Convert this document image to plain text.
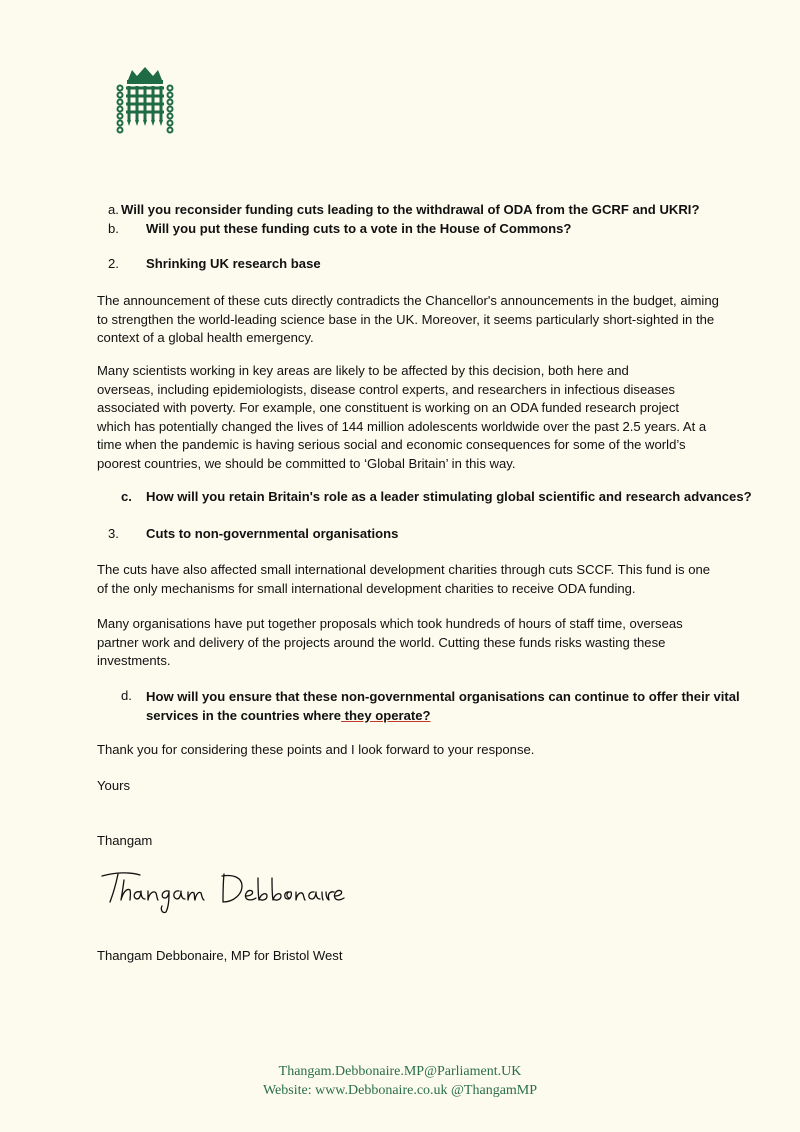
a. Will you reconsider funding cuts leading to the withdrawal of ODA from the GCRF and UKRI?
b. Will you put these funding cuts to a vote in the House of Commons?
2. Shrinking UK research base

The announcement of these cuts directly contradicts the Chancellor's announcements in the budget, aiming

to strengthen the world-leading science base in the UK. Moreover, it seems particularly short-sighted in the

context of a global health emergency.

Many scientists working in key areas are likely to be affected by this decision, both here and

overseas, including epidemiologists, disease control experts, and researchers in infectious diseases

associated with poverty. For example, one constituent is working on an ODA funded research project

which has potentially changed the lives of 144 million adolescents worldwide over the past 2.5 years. At a

time when the pandemic is having serious social and economic consequences for some of the world’s

poorest countries, we should be committed to ‘Global Britain’ in this way.

c. How will you retain Britain's role as a leader stimulating global scientific and research advances?
3. Cuts to non-governmental organisations

The cuts have also affected small international development charities through cuts SCCF. This fund is one

of the only mechanisms for small international development charities to receive ODA funding.

Many organisations have put together proposals which took hundreds of hours of staff time, overseas

partner work and delivery of the projects around the world. Cutting these funds risks wasting these

investments.

d. How will you ensure that these non-governmental organisations can continue to offer their vital
services in the countries where they operate?
Thank you for considering these points and I look forward to your response.
Yours
Thangam
Thangam Debbonaire, MP for Bristol West
Thangam.Debbonaire.MP@Parliament.UK
Website: www.Debbonaire.co.uk @ThangamMP
